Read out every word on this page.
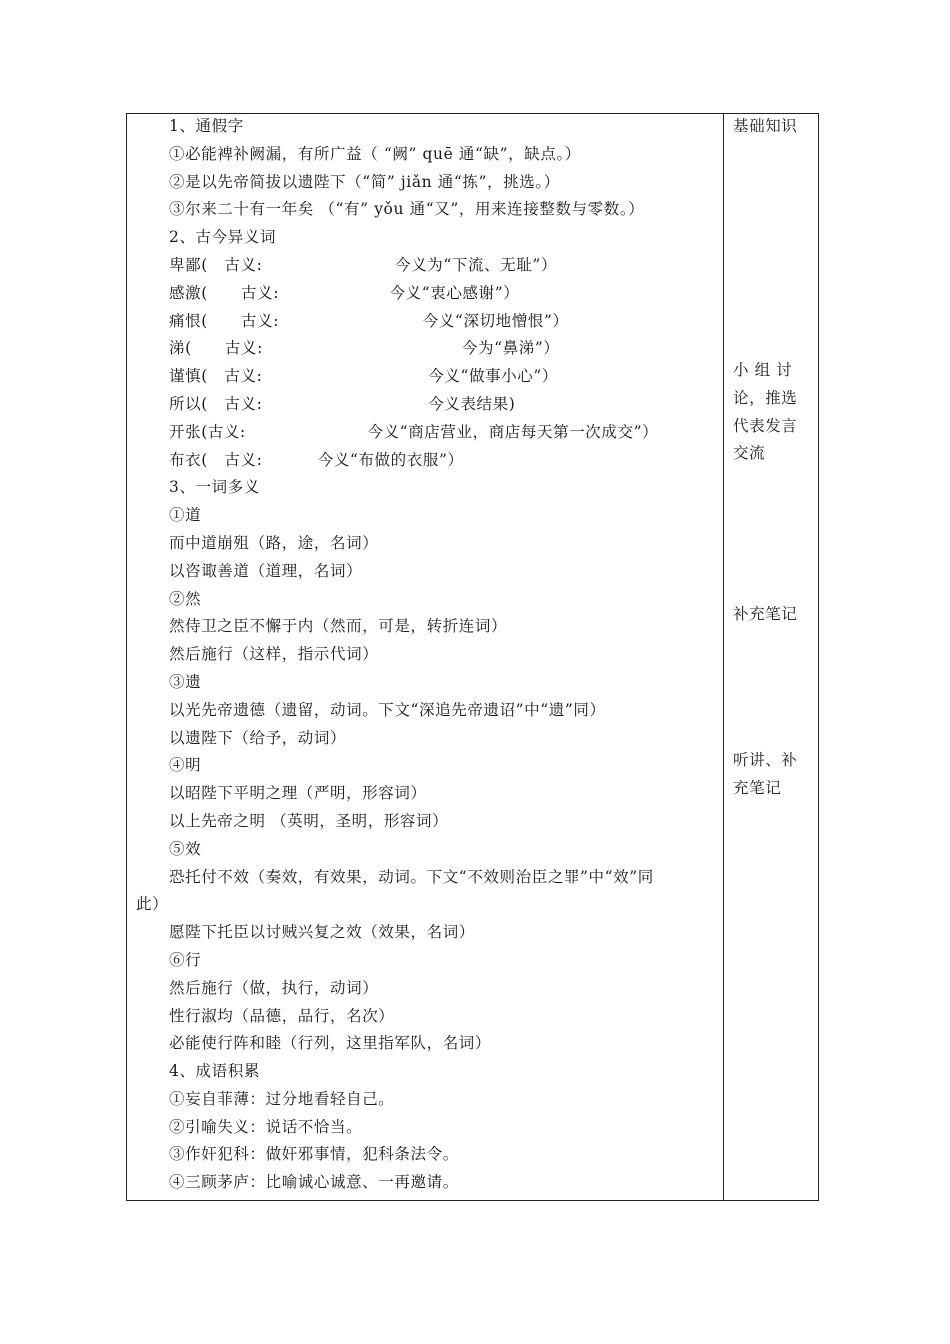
1、通假字
①必能裨补阙漏，有所广益（ “阙” quē 通“缺”，缺点。）
②是以先帝简拔以遗陛下（“简” jiǎn 通“拣”，挑选。）
③尔来二十有一年矣 （“有” yǒu 通“又”，用来连接整数与零数。）
2、古今异义词
卑鄙(   古义:                        今义为“下流、无耻”）
感激(      古义:                    今义“衷心感谢”）
痛恨(      古义:                          今义“深切地憎恨”）
涕(      古义:                                    今为“鼻涕”）
谨慎(   古义:                              今义“做事小心”）
所以(   古义:                              今义表结果)
开张(古义:                      今义“商店营业，商店每天第一次成交”）
布衣(   古义:          今义“布做的衣服”）
3、一词多义
①道
而中道崩殂（路，途，名词）
以咨诹善道（道理，名词）
②然
然侍卫之臣不懈于内（然而，可是，转折连词）
然后施行（这样，指示代词）
③遗
以光先帝遗德（遗留，动词。下文“深追先帝遗诏”中“遗”同）
以遗陛下（给予，动词）
④明
以昭陛下平明之理（严明，形容词）
以上先帝之明 （英明，圣明，形容词）
⑤效
恐托付不效（奏效，有效果，动词。下文“不效则治臣之罪”中“效”同
此）
愿陛下托臣以讨贼兴复之效（效果，名词）
⑥行
然后施行（做，执行，动词）
性行淑均（品德，品行，名次）
必能使行阵和睦（行列，这里指军队，名词）
4、成语积累
①妄自菲薄：过分地看轻自己。
②引喻失义：说话不恰当。
③作奸犯科：做奸邪事情，犯科条法令。
④三顾茅庐：比喻诚心诚意、一再邀请。
基础知识
小 组 讨
论，推选
代表发言
交流
补充笔记
听讲、补
充笔记
